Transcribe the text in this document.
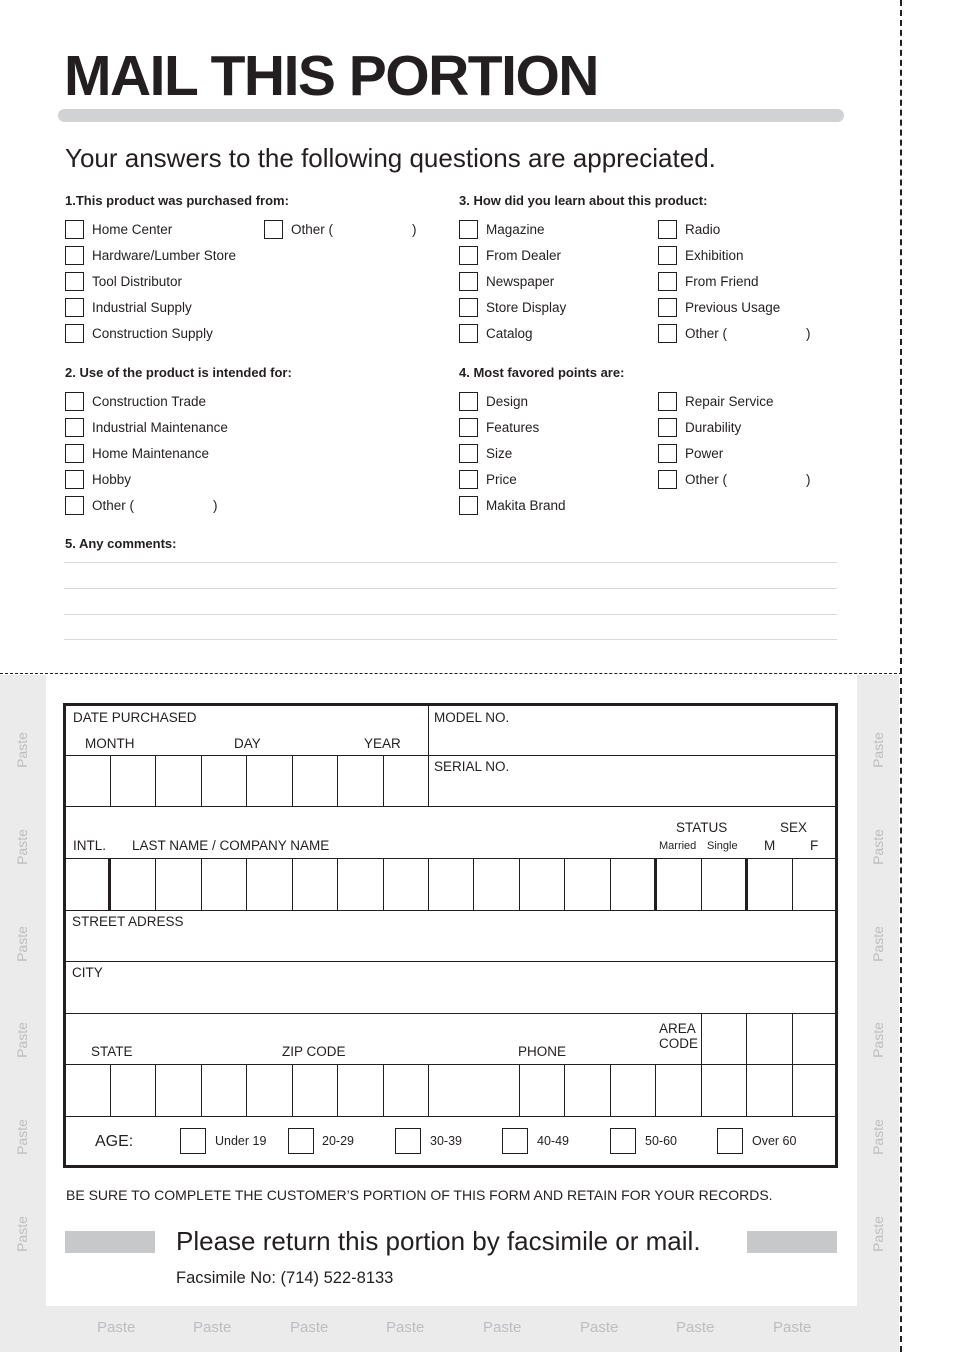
MAIL THIS PORTION
Your answers to the following questions are appreciated.
1.This product was purchased from:
Home Center
Hardware/Lumber Store
Tool Distributor
Industrial Supply
Construction Supply
Other (	)
2. Use of the product is intended for:
Construction Trade
Industrial Maintenance
Home Maintenance
Hobby
Other (	)
3. How did you learn about this product:
Magazine
From Dealer
Newspaper
Store Display
Catalog
Radio
Exhibition
From Friend
Previous Usage
Other (	)
4. Most favored points are:
Design
Features
Size
Price
Makita Brand
Repair Service
Durability
Power
Other (	)
5. Any comments:
Paste
Paste
Paste
Paste
Paste
Paste
Paste
Paste
Paste
Paste
Paste
Paste
Paste	Paste	Paste	Paste	Paste	Paste	Paste	Paste
DATE PURCHASED
MONTH	DAY	YEAR
MODEL NO.
SERIAL NO.
STATUS
Married Single
SEX
M	F
INTL. LAST NAME / COMPANY NAME
STREET ADRESS
CITY
STATE	ZIP CODE	PHONE
AREA
CODE
AGE:	Under 19	20-29	30-39	40-49	50-60	Over 60
BE SURE TO COMPLETE THE CUSTOMER’S PORTION OF THIS FORM AND RETAIN FOR YOUR RECORDS.
Please return this portion by facsimile or mail.
Facsimile No: (714) 522-8133
